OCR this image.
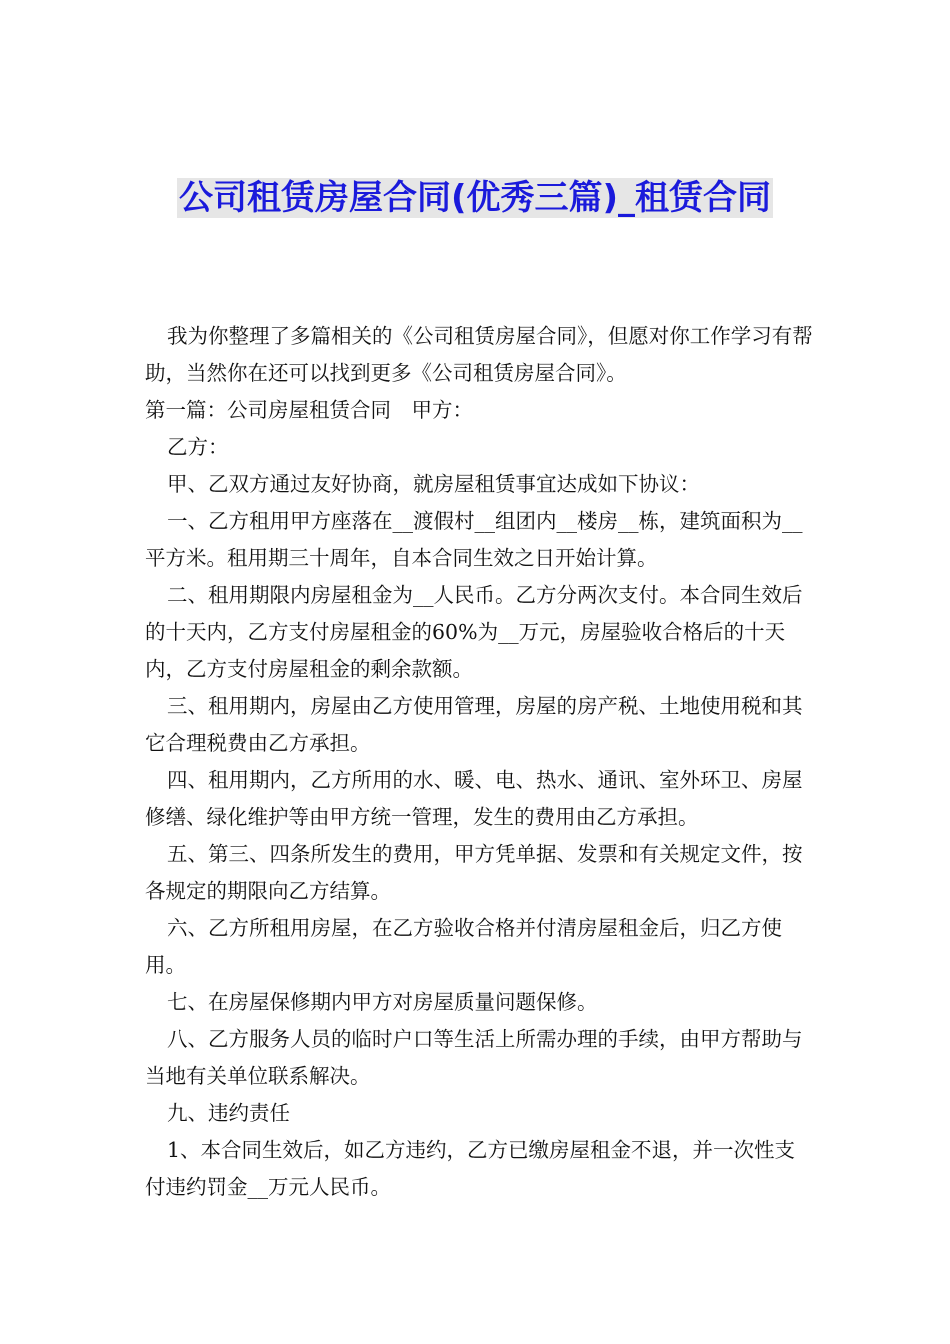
公司租赁房屋合同(优秀三篇)_租赁合同

我为你整理了多篇相关的《公司租赁房屋合同》，但愿对你工作学习有帮助，当然你在还可以找到更多《公司租赁房屋合同》。

第一篇：公司房屋租赁合同　甲方：

乙方：

甲、乙双方通过友好协商，就房屋租赁事宜达成如下协议：

一、乙方租用甲方座落在__渡假村__组团内__楼房__栋，建筑面积为__平方米。租用期三十周年，自本合同生效之日开始计算。

二、租用期限内房屋租金为__人民币。乙方分两次支付。本合同生效后的十天内，乙方支付房屋租金的60%为__万元，房屋验收合格后的十天内，乙方支付房屋租金的剩余款额。

三、租用期内，房屋由乙方使用管理，房屋的房产税、土地使用税和其它合理税费由乙方承担。

四、租用期内，乙方所用的水、暖、电、热水、通讯、室外环卫、房屋修缮、绿化维护等由甲方统一管理，发生的费用由乙方承担。

五、第三、四条所发生的费用，甲方凭单据、发票和有关规定文件，按各规定的期限向乙方结算。

六、乙方所租用房屋，在乙方验收合格并付清房屋租金后，归乙方使用。

七、在房屋保修期内甲方对房屋质量问题保修。

八、乙方服务人员的临时户口等生活上所需办理的手续，由甲方帮助与当地有关单位联系解决。

九、违约责任

1、本合同生效后，如乙方违约，乙方已缴房屋租金不退，并一次性支付违约罚金__万元人民币。
